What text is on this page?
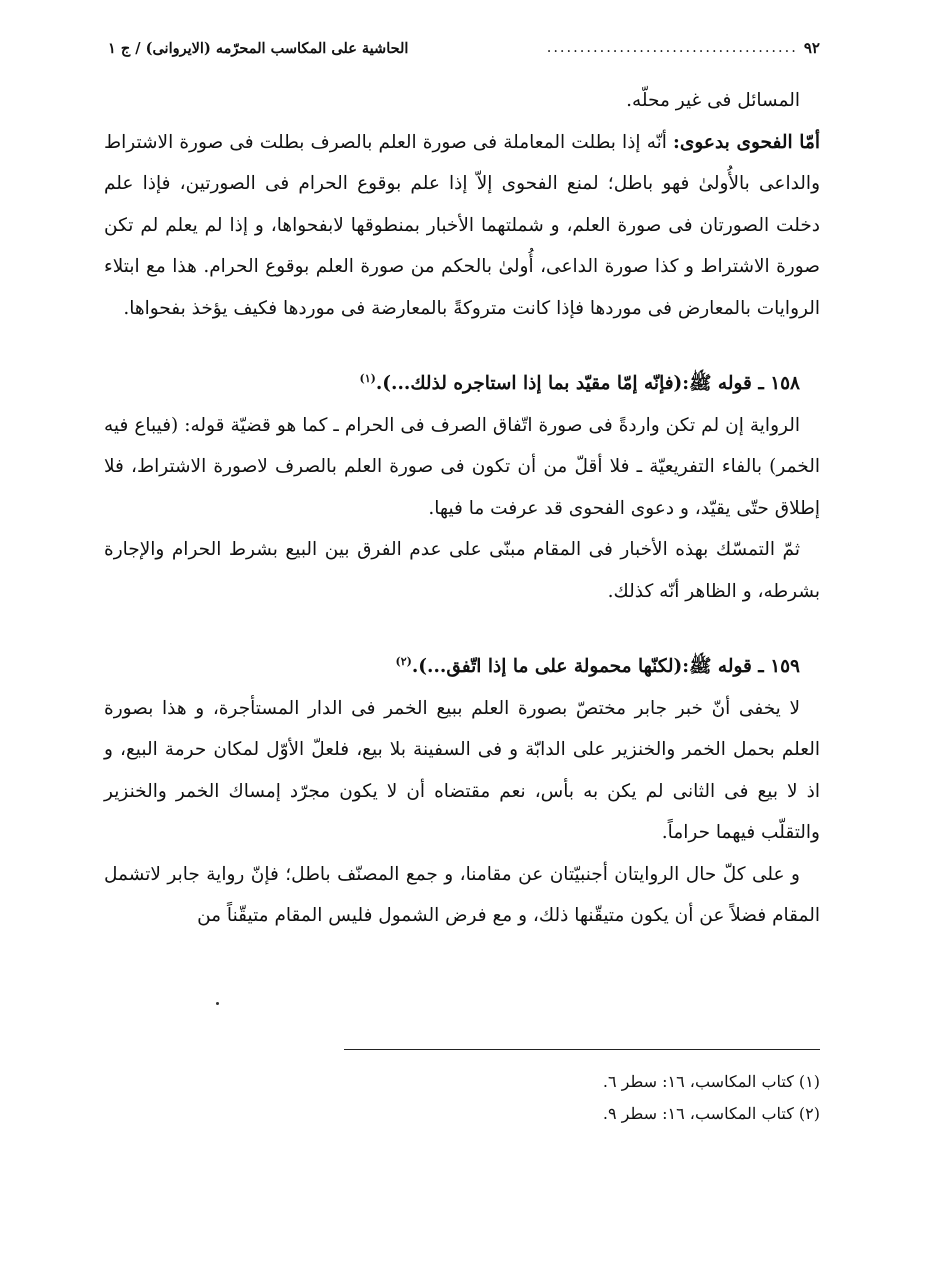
٩٢
......................................
الحاشية على المكاسب المحرّمه (الايروانى) / ج ١

المسائل فى غير محلّه.

أمّا الفحوى بدعوى: أنّه إذا بطلت المعاملة فى صورة العلم بالصرف بطلت فى صورة الاشتراط والداعى بالأُولىٰ فهو باطل؛ لمنع الفحوى إلاّ إذا علم بوقوع الحرام فى الصورتين، فإذا علم دخلت الصورتان فى صورة العلم، و شملتهما الأخبار بمنطوقها لابفحواها، و إذا لم يعلم لم تكن صورة الاشتراط و كذا صورة الداعى، أُولىٰ بالحكم من صورة العلم بوقوع الحرام. هذا مع ابتلاء الروايات بالمعارض فى موردها فإذا كانت متروكةً بالمعارضة فى موردها فكيف يؤخذ بفحواها.

١٥٨ ـ قوله ﷺ:(فإنّه إمّا مقيّد بما إذا استاجره لذلك...).$^{(١)}$

الرواية إن لم تكن واردةً فى صورة اتّفاق الصرف فى الحرام ـ كما هو قضيّة قوله: (فيباع فيه الخمر) بالفاء التفريعيّة ـ فلا أقلّ من أن تكون فى صورة العلم بالصرف لاصورة الاشتراط، فلا إطلاق حتّى يقيّد، و دعوى الفحوى قد عرفت ما فيها.

ثمّ التمسّك بهذه الأخبار فى المقام مبنّى على عدم الفرق بين البيع بشرط الحرام والإجارة بشرطه، و الظاهر أنّه كذلك.

١٥٩ ـ قوله ﷺ:(لكنّها محمولة على ما إذا اتّفق...).$^{(٢)}$

لا يخفى أنّ خبر جابر مختصّ بصورة العلم ببيع الخمر فى الدار المستأجرة، و هذا بصورة العلم بحمل الخمر والخنزير على الدابّة و فى السفينة بلا بيع، فلعلّ الأوّل لمكان حرمة البيع، و اذ لا بيع فى الثانى لم يكن به بأس، نعم مقتضاه أن لا يكون مجرّد إمساك الخمر والخنزير والتقلّب فيهما حراماً.

و على كلّ حال الروايتان أجنبيّتان عن مقامنا، و جمع المصنّف باطل؛ فإنّ رواية جابر لاتشمل المقام فضلاً عن أن يكون متيقّنها ذلك، و مع فرض الشمول فليس المقام متيقّناً من

(١) كتاب المكاسب، ١٦: سطر ٦.

(٢) كتاب المكاسب، ١٦: سطر ٩.
